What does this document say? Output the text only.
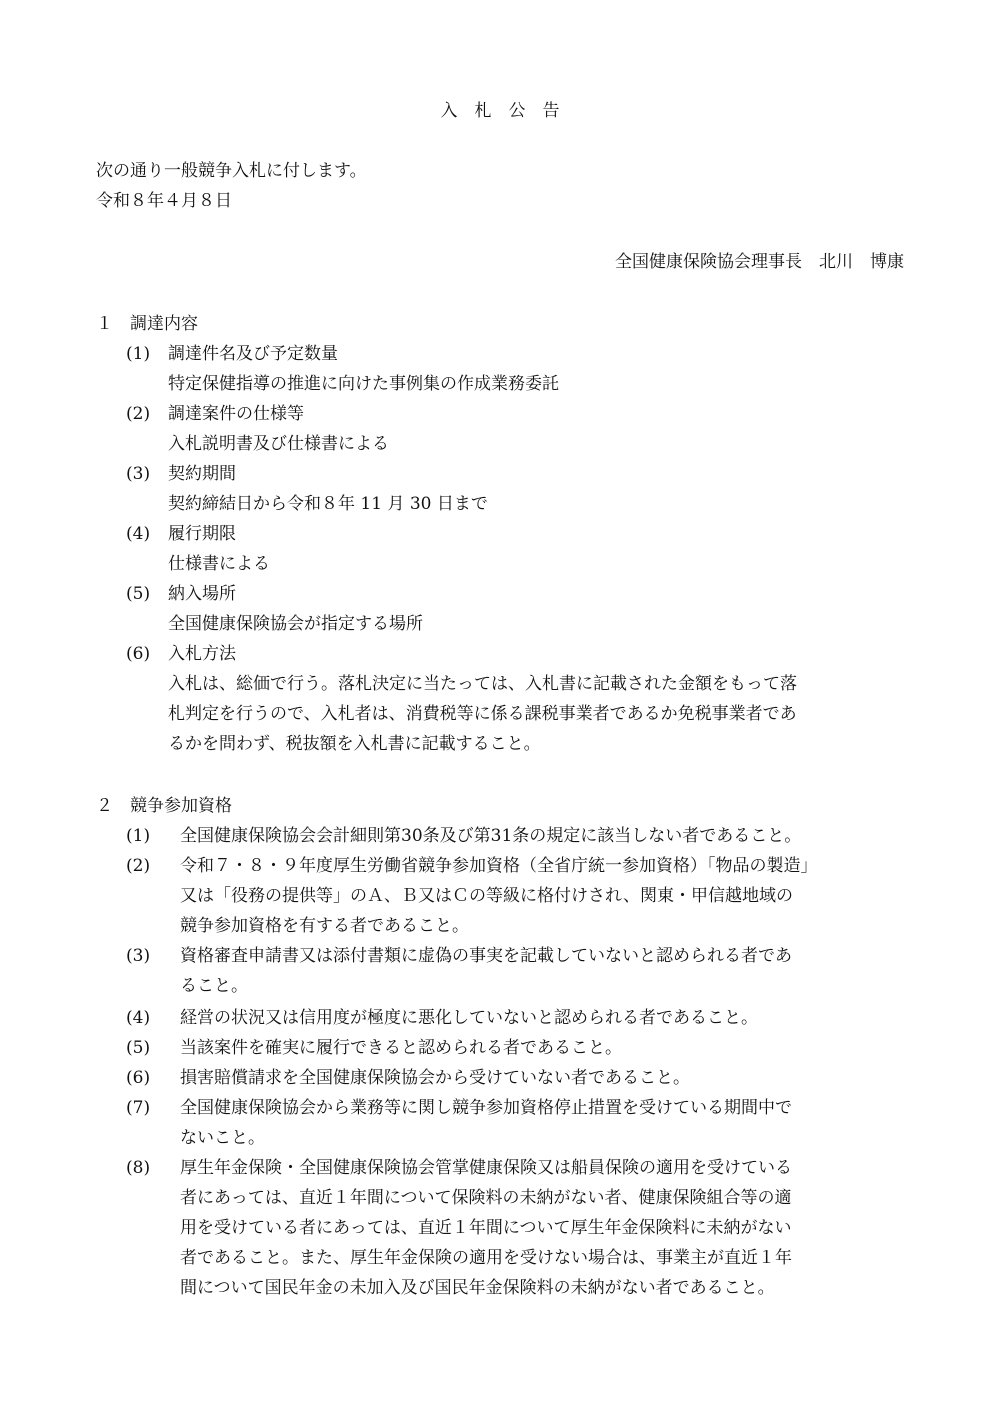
入　札　公　告
次の通り一般競争入札に付します。
令和８年４月８日
全国健康保険協会理事長　北川　博康
１　調達内容
(1) 調達件名及び予定数量
特定保健指導の推進に向けた事例集の作成業務委託
(2) 調達案件の仕様等
入札説明書及び仕様書による
(3) 契約期間
契約締結日から令和８年 11 月 30 日まで
(4) 履行期限
仕様書による
(5) 納入場所
全国健康保険協会が指定する場所
(6) 入札方法
入札は、総価で行う。落札決定に当たっては、入札書に記載された金額をもって落
札判定を行うので、入札者は、消費税等に係る課税事業者であるか免税事業者であ
るかを問わず、税抜額を入札書に記載すること。
２　競争参加資格
(1) 全国健康保険協会会計細則第30条及び第31条の規定に該当しない者であること。
(2) 令和７・８・９年度厚生労働省競争参加資格（全省庁統一参加資格）「物品の製造」
又は「役務の提供等」のＡ、Ｂ又はＣの等級に格付けされ、関東・甲信越地域の
競争参加資格を有する者であること。
(3) 資格審査申請書又は添付書類に虚偽の事実を記載していないと認められる者であ
ること。
(4) 経営の状況又は信用度が極度に悪化していないと認められる者であること。
(5) 当該案件を確実に履行できると認められる者であること。
(6) 損害賠償請求を全国健康保険協会から受けていない者であること。
(7) 全国健康保険協会から業務等に関し競争参加資格停止措置を受けている期間中で
ないこと。
(8) 厚生年金保険・全国健康保険協会管掌健康保険又は船員保険の適用を受けている
者にあっては、直近１年間について保険料の未納がない者、健康保険組合等の適
用を受けている者にあっては、直近１年間について厚生年金保険料に未納がない
者であること。また、厚生年金保険の適用を受けない場合は、事業主が直近１年
間について国民年金の未加入及び国民年金保険料の未納がない者であること。
